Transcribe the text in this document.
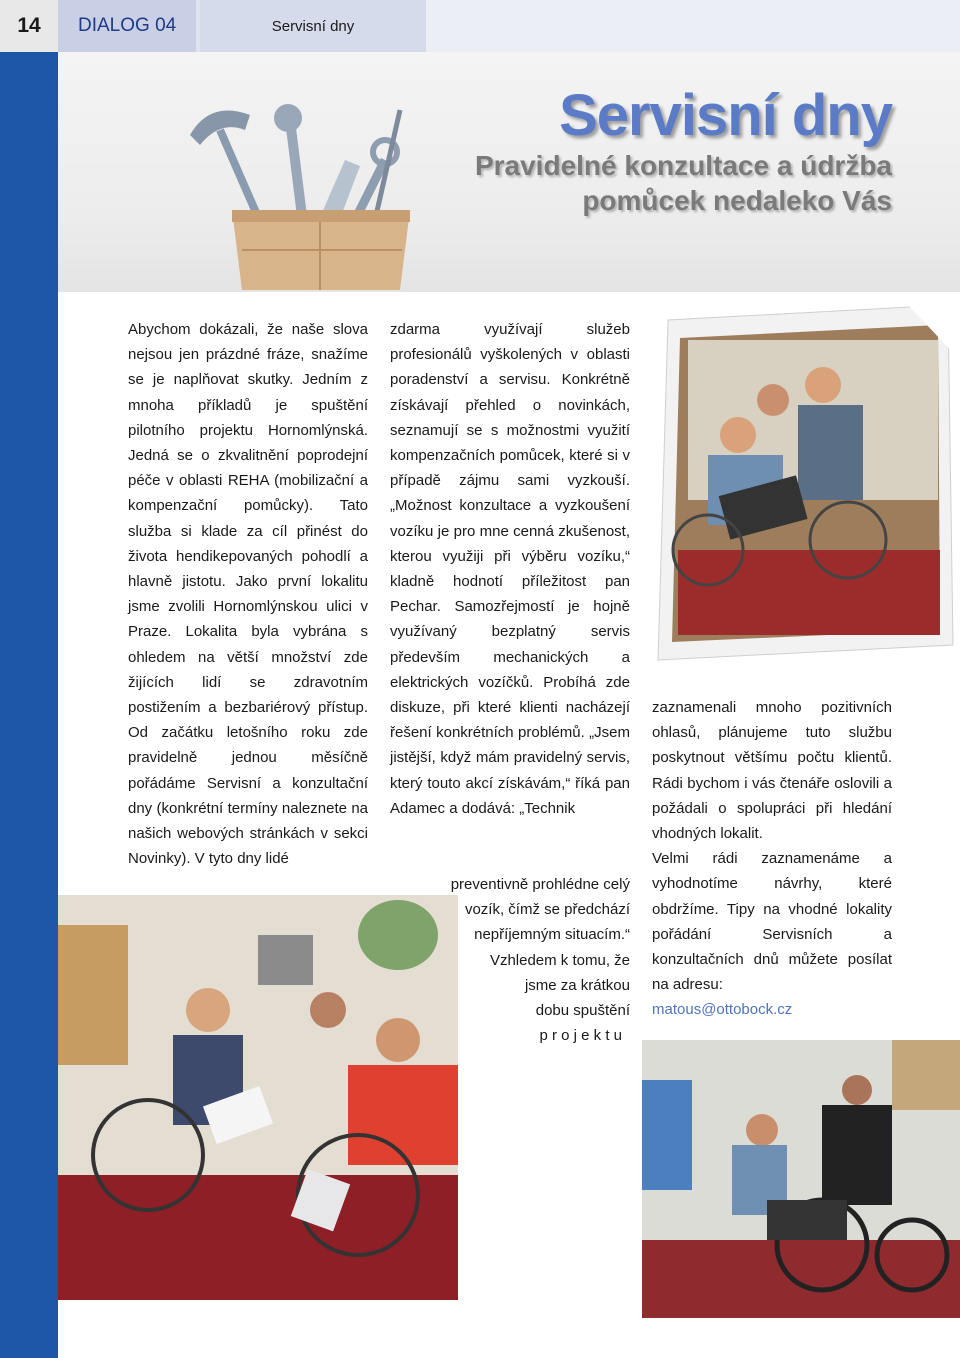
14	DIALOG 04	Servisní dny
Servisní dny
Pravidelné konzultace a údržba pomůcek nedaleko Vás

Abychom dokázali, že naše slova nejsou jen prázdné fráze, snažíme se je naplňovat skutky. Jedním z mnoha příkladů je spuštění pilotního projektu Hornomlýnská. Jedná se o zkvalitnění poprodejní péče v oblasti REHA (mobilizační a kompenzační pomůcky). Tato služba si klade za cíl přinést do života hendikepovaných pohodlí a hlavně jistotu. Jako první lokalitu jsme zvolili Hornomlýnskou ulici v Praze. Lokalita byla vybrána s ohledem na větší množství zde žijících lidí se zdravotním postižením a bezbariérový přístup. Od začátku letošního roku zde pravidelně jednou měsíčně pořádáme Servisní a konzultační dny (konkrétní termíny naleznete na našich webových stránkách v sekci Novinky). V tyto dny lidé

zdarma využívají služeb profesionálů vyškolených v oblasti poradenství a servisu. Konkrétně získávají přehled o novinkách, seznamují se s možnostmi využití kompenzačních pomůcek, které si v případě zájmu sami vyzkouší. „Možnost konzultace a vyzkoušení vozíku je pro mne cenná zkušenost, kterou využiji při výběru vozíku,“ kladně hodnotí příležitost pan Pechar. Samozřejmostí je hojně využívaný bezplatný servis především mechanických a elektrických vozíčků. Probíhá zde diskuze, při které klienti nacházejí řešení konkrétních problémů. „Jsem jistější, když mám pravidelný servis, který touto akcí získávám,“ říká pan Adamec a dodává: „Technik

preventivně prohlédne celý
vozík, čímž se předchází
nepříjemným situacím.“
Vzhledem k tomu, že
jsme za krátkou
dobu spuštění
p r o j e k t u

zaznamenali mnoho pozitivních ohlasů, plánujeme tuto službu poskytnout většímu počtu klientů. Rádi bychom i vás čtenáře oslovili a požádali o spolupráci při hledání vhodných lokalit.

Velmi rádi zaznamenáme a vyhodnotíme návrhy, které obdržíme. Tipy na vhodné lokality pořádání Servisních a konzultačních dnů můžete posílat na adresu:

matous@ottobock.cz
